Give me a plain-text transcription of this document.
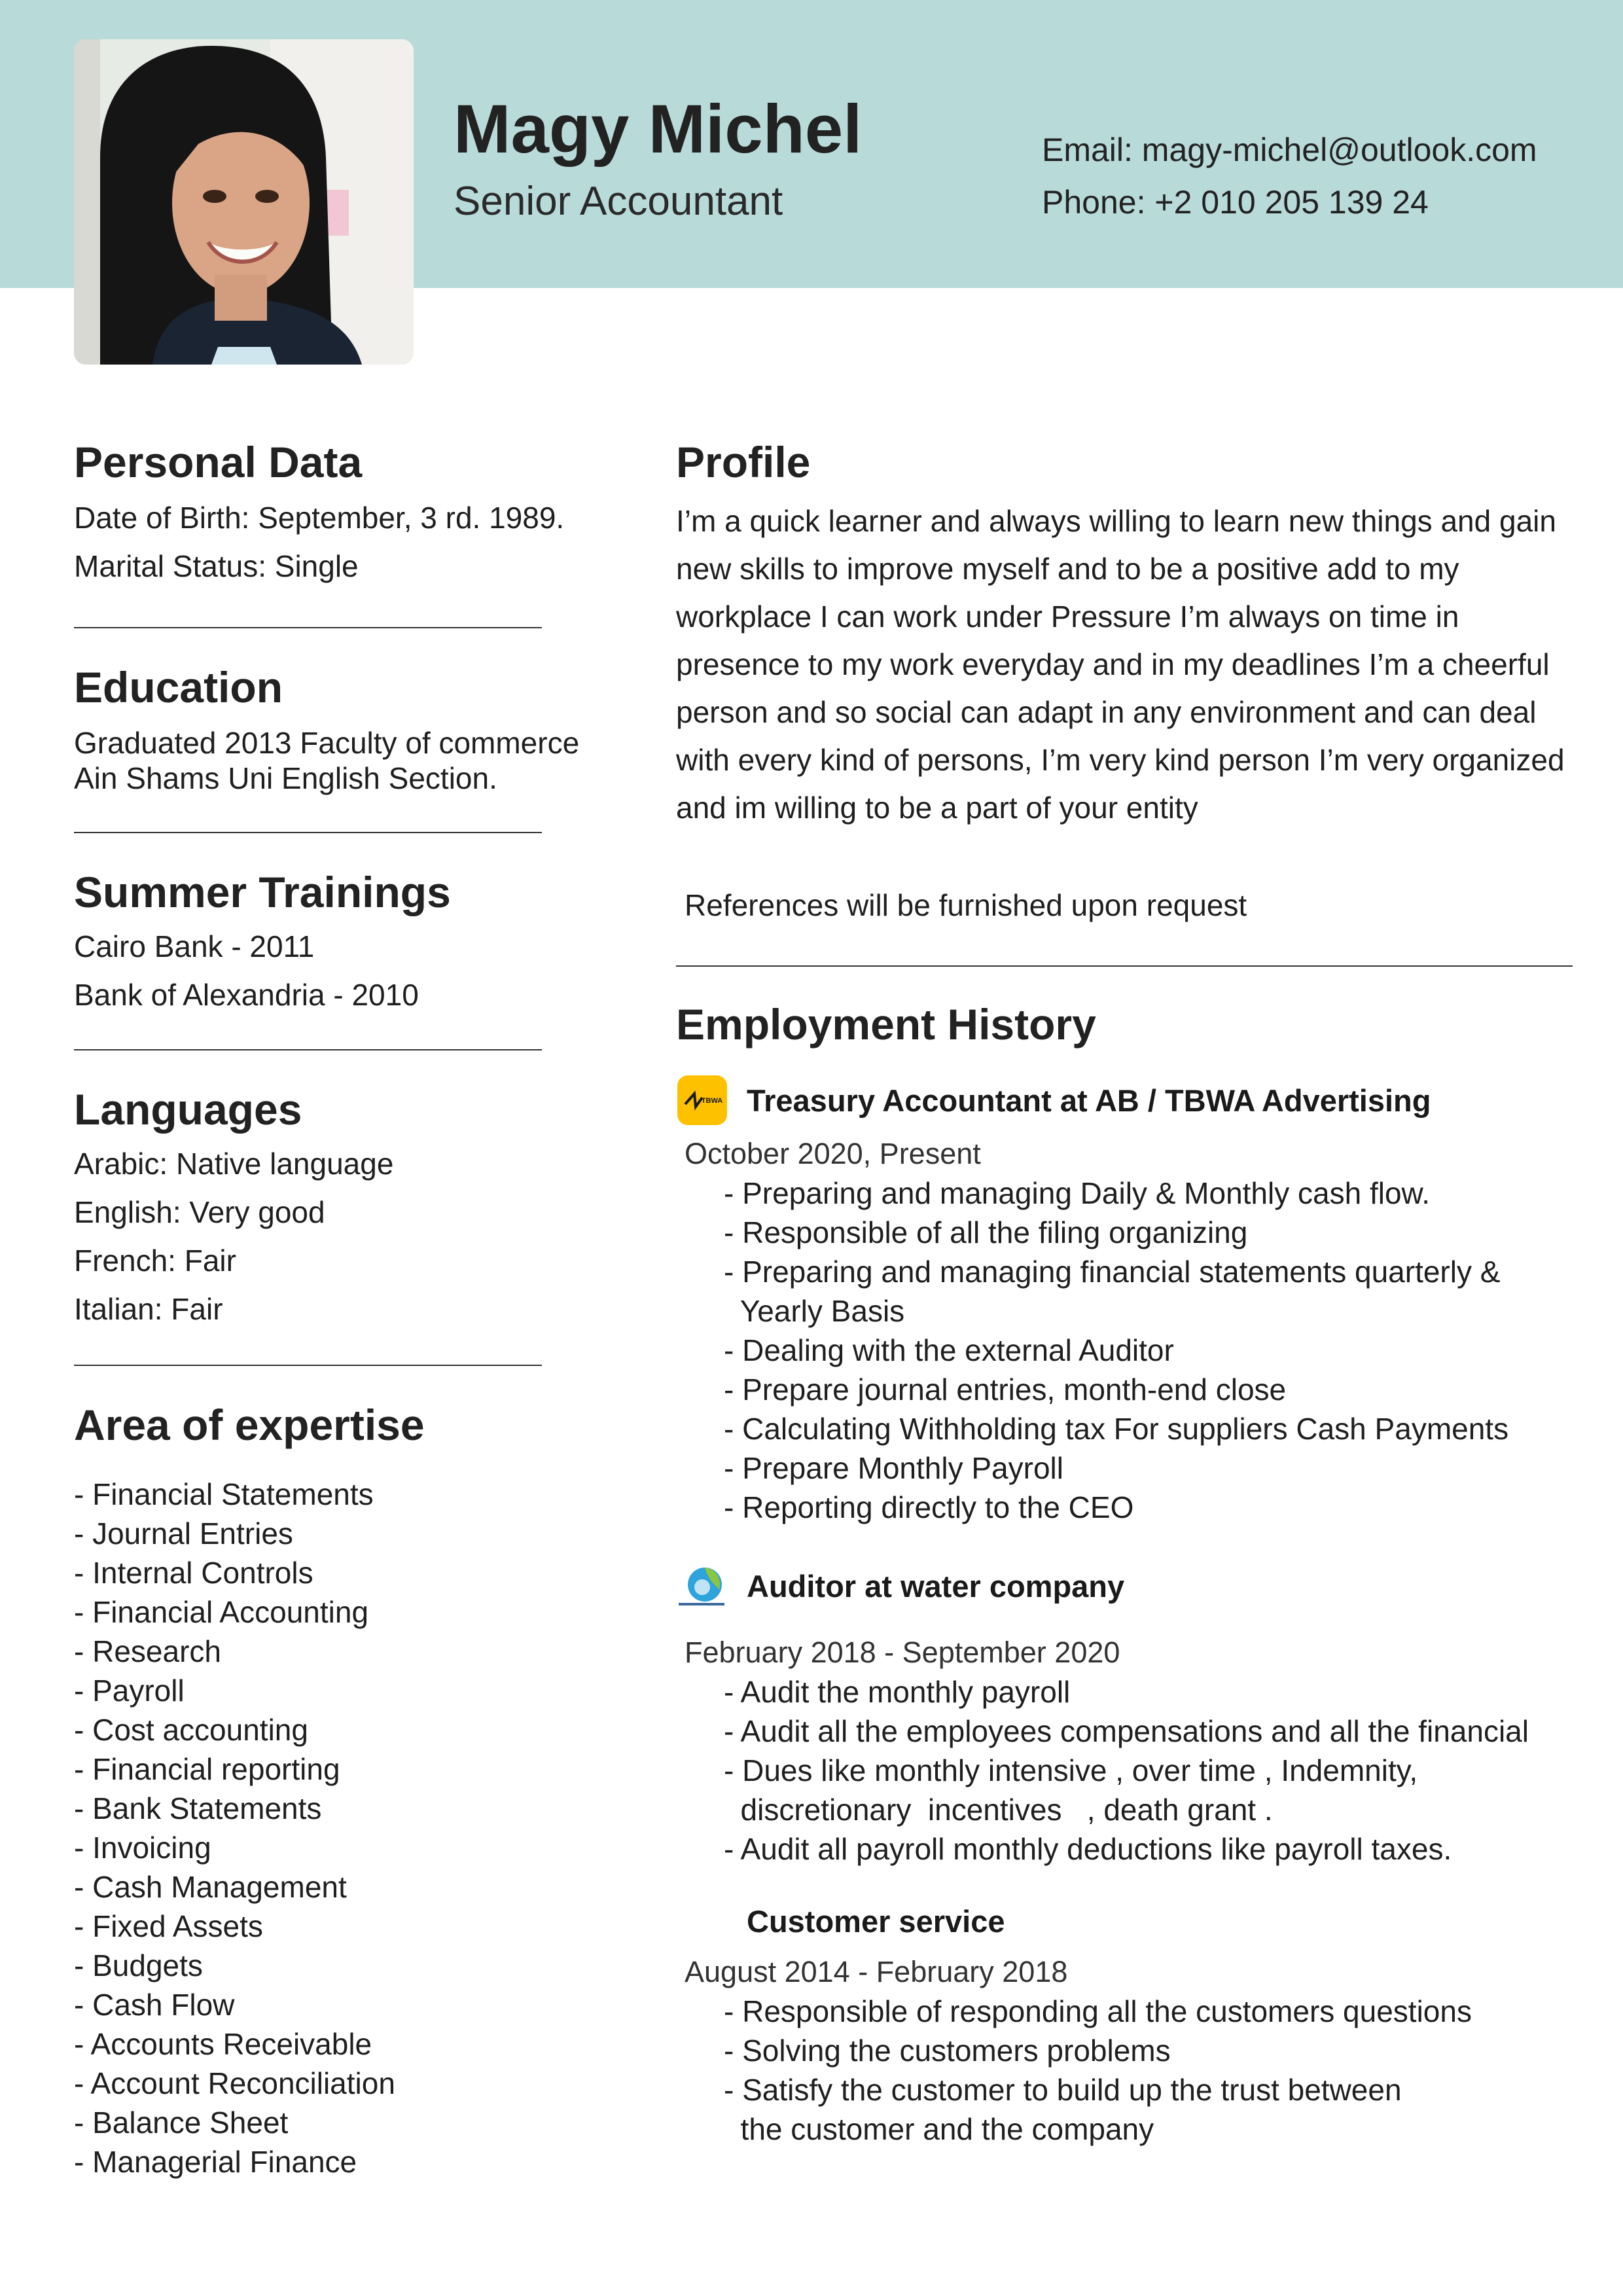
Magy Michel
Senior Accountant
Email: magy-michel@outlook.com
Phone: +2 010 205 139 24
Personal Data
Date of Birth: September, 3 rd. 1989.
Marital Status: Single
Education
Graduated 2013 Faculty of commerce
Ain Shams Uni English Section.
Summer Trainings
Cairo Bank - 2011
Bank of Alexandria - 2010
Languages
Arabic: Native language
English: Very good
French: Fair
Italian: Fair
Area of expertise
- Financial Statements
- Journal Entries
- Internal Controls
- Financial Accounting
- Research
- Payroll
- Cost accounting
- Financial reporting
- Bank Statements
- Invoicing
- Cash Management
- Fixed Assets
- Budgets
- Cash Flow
- Accounts Receivable
- Account Reconciliation
- Balance Sheet
- Managerial Finance
Profile
I’m a quick learner and always willing to learn new things and gain
new skills to improve myself and to be a positive add to my
workplace I can work under Pressure I’m always on time in
presence to my work everyday and in my deadlines I’m a cheerful
person and so social can adapt in any environment and can deal
with every kind of persons, I’m very kind person I’m very organized
and im willing to be a part of your entity

References will be furnished upon request

Employment History
TBWA Treasury Accountant at AB / TBWA Advertising
October 2020, Present
- Preparing and managing Daily & Monthly cash flow.
- Responsible of all the filing organizing
- Preparing and managing financial statements quarterly &
Yearly Basis
- Dealing with the external Auditor
- Prepare journal entries, month-end close
- Calculating Withholding tax For suppliers Cash Payments
- Prepare Monthly Payroll
- Reporting directly to the CEO
Auditor at water company
February 2018 - September 2020
- Audit the monthly payroll
- Audit all the employees compensations and all the financial
- Dues like monthly intensive , over time , Indemnity,
discretionary  incentives   , death grant .
- Audit all payroll monthly deductions like payroll taxes.
Customer service
August 2014 - February 2018
- Responsible of responding all the customers questions
- Solving the customers problems
- Satisfy the customer to build up the trust between
the customer and the company
